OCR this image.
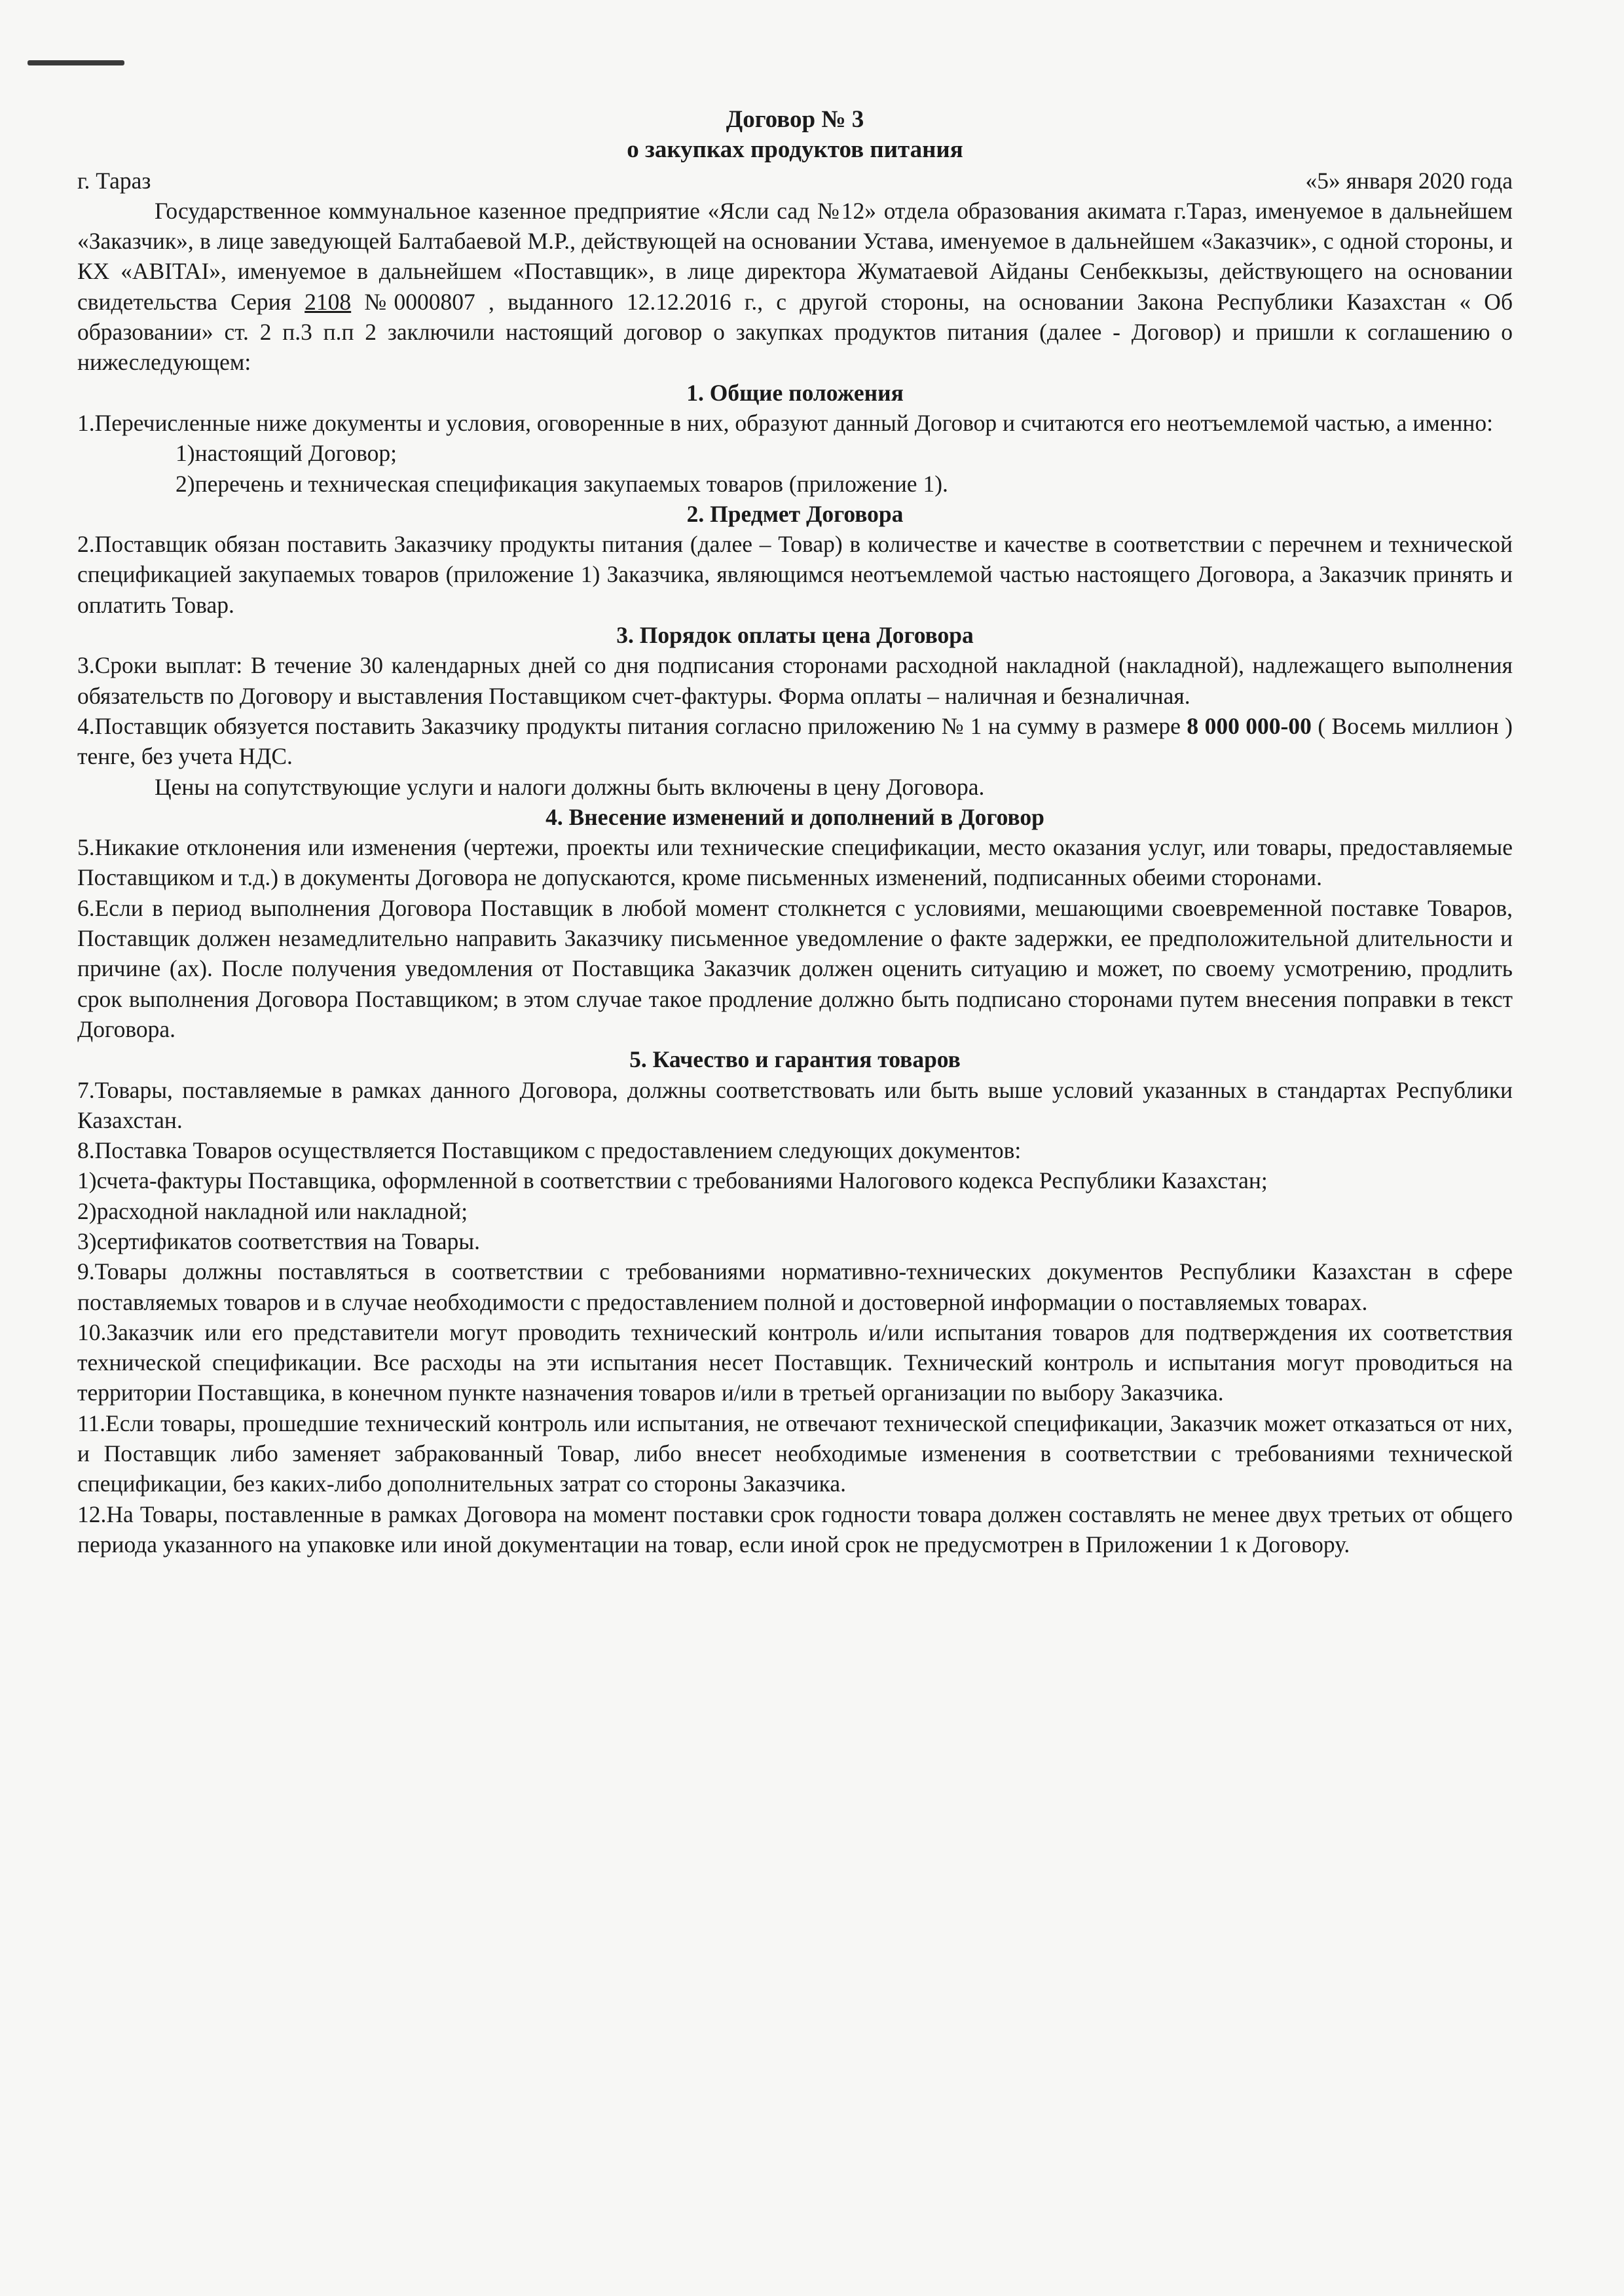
Договор № 3
о закупках продуктов питания
г. Тараз	«5» января 2020 года

Государственное коммунальное казенное предприятие «Ясли сад №12» отдела образования акимата г.Тараз, именуемое в дальнейшем «Заказчик», в лице заведующей Балтабаевой М.Р., действующей на основании Устава, именуемое в дальнейшем «Заказчик», с одной стороны, и КХ «ABITAI», именуемое в дальнейшем «Поставщик», в лице директора Жуматаевой Айданы Сенбеккызы, действующего на основании свидетельства Серия 2108 №0000807 , выданного 12.12.2016 г., с другой стороны, на основании Закона Республики Казахстан « Об образовании» ст. 2 п.3 п.п 2 заключили настоящий договор о закупках продуктов питания (далее - Договор) и пришли к соглашению о нижеследующем:

1. Общие положения

1.Перечисленные ниже документы и условия, оговоренные в них, образуют данный Договор и считаются его неотъемлемой частью, а именно:

1)настоящий Договор;

2)перечень и техническая спецификация закупаемых товаров (приложение 1).

2. Предмет Договора

2.Поставщик обязан поставить Заказчику продукты питания (далее – Товар) в количестве и качестве в соответствии с перечнем и технической спецификацией закупаемых товаров (приложение 1) Заказчика, являющимся неотъемлемой частью настоящего Договора, а Заказчик принять и оплатить Товар.

3. Порядок оплаты цена Договора

3.Сроки выплат: В течение 30 календарных дней со дня подписания сторонами расходной накладной (накладной), надлежащего выполнения обязательств по Договору и выставления Поставщиком счет-фактуры. Форма оплаты – наличная и безналичная.

4.Поставщик обязуется поставить Заказчику продукты питания согласно приложению № 1 на сумму в размере 8 000 000-00 ( Восемь миллион ) тенге, без учета НДС.

Цены на сопутствующие услуги и налоги должны быть включены в цену Договора.

4. Внесение изменений и дополнений в Договор

5.Никакие отклонения или изменения (чертежи, проекты или технические спецификации, место оказания услуг, или товары, предоставляемые Поставщиком и т.д.) в документы Договора не допускаются, кроме письменных изменений, подписанных обеими сторонами.

6.Если в период выполнения Договора Поставщик в любой момент столкнется с условиями, мешающими своевременной поставке Товаров, Поставщик должен незамедлительно направить Заказчику письменное уведомление о факте задержки, ее предположительной длительности и причине (ах). После получения уведомления от Поставщика Заказчик должен оценить ситуацию и может, по своему усмотрению, продлить срок выполнения Договора Поставщиком; в этом случае такое продление должно быть подписано сторонами путем внесения поправки в текст Договора.

5. Качество и гарантия товаров

7.Товары, поставляемые в рамках данного Договора, должны соответствовать или быть выше условий указанных в стандартах Республики Казахстан.

8.Поставка Товаров осуществляется Поставщиком с предоставлением следующих документов:

1)счета-фактуры Поставщика, оформленной в соответствии с требованиями Налогового кодекса Республики Казахстан;

2)расходной накладной или накладной;

3)сертификатов соответствия на Товары.

9.Товары должны поставляться в соответствии с требованиями нормативно-технических документов Республики Казахстан в сфере поставляемых товаров и в случае необходимости с предоставлением полной и достоверной информации о поставляемых товарах.

10.Заказчик или его представители могут проводить технический контроль и/или испытания товаров для подтверждения их соответствия технической спецификации. Все расходы на эти испытания несет Поставщик. Технический контроль и испытания могут проводиться на территории Поставщика, в конечном пункте назначения товаров и/или в третьей организации по выбору Заказчика.

11.Если товары, прошедшие технический контроль или испытания, не отвечают технической спецификации, Заказчик может отказаться от них, и Поставщик либо заменяет забракованный Товар, либо внесет необходимые изменения в соответствии с требованиями технической спецификации, без каких-либо дополнительных затрат со стороны Заказчика.

12.На Товары, поставленные в рамках Договора на момент поставки срок годности товара должен составлять не менее двух третьих от общего периода указанного на упаковке или иной документации на товар, если иной срок не предусмотрен в Приложении 1 к Договору.
